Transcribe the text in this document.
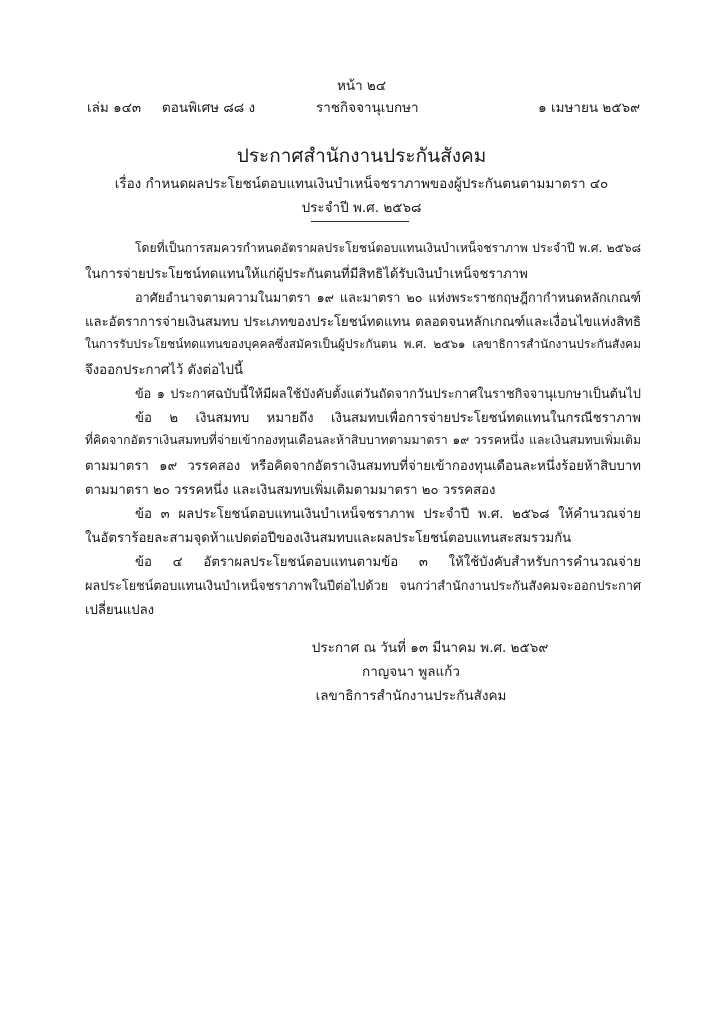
หน้า ๒๔
เล่ม ๑๔๓ ตอนพิเศษ ๘๘ ง	ราชกิจจานุเบกษา	๑ เมษายน ๒๕๖๙
ประกาศสำนักงานประกันสังคม
เรื่อง กำหนดผลประโยชน์ตอบแทนเงินบำเหน็จชราภาพของผู้ประกันตนตามมาตรา ๔๐
ประจำปี พ.ศ. ๒๕๖๘
โดยที่เป็นการสมควรกำหนดอัตราผลประโยชน์ตอบแทนเงินบำเหน็จชราภาพ ประจำปี พ.ศ. ๒๕๖๘
ในการจ่ายประโยชน์ทดแทนให้แก่ผู้ประกันตนที่มีสิทธิได้รับเงินบำเหน็จชราภาพ
อาศัยอำนาจตามความในมาตรา ๑๙ และมาตรา ๒๐ แห่งพระราชกฤษฎีกากำหนดหลักเกณฑ์
และอัตราการจ่ายเงินสมทบ ประเภทของประโยชน์ทดแทน ตลอดจนหลักเกณฑ์และเงื่อนไขแห่งสิทธิ
ในการรับประโยชน์ทดแทนของบุคคลซึ่งสมัครเป็นผู้ประกันตน พ.ศ. ๒๕๖๑ เลขาธิการสำนักงานประกันสังคม
จึงออกประกาศไว้ ดังต่อไปนี้
ข้อ ๑ ประกาศฉบับนี้ให้มีผลใช้บังคับตั้งแต่วันถัดจากวันประกาศในราชกิจจานุเบกษาเป็นต้นไป
ข้อ ๒ เงินสมทบ หมายถึง เงินสมทบเพื่อการจ่ายประโยชน์ทดแทนในกรณีชราภาพ
ที่คิดจากอัตราเงินสมทบที่จ่ายเข้ากองทุนเดือนละห้าสิบบาทตามมาตรา ๑๙ วรรคหนึ่ง และเงินสมทบเพิ่มเติม
ตามมาตรา ๑๙ วรรคสอง หรือคิดจากอัตราเงินสมทบที่จ่ายเข้ากองทุนเดือนละหนึ่งร้อยห้าสิบบาท
ตามมาตรา ๒๐ วรรคหนึ่ง และเงินสมทบเพิ่มเติมตามมาตรา ๒๐ วรรคสอง
ข้อ ๓ ผลประโยชน์ตอบแทนเงินบำเหน็จชราภาพ ประจำปี พ.ศ. ๒๕๖๘ ให้คำนวณจ่าย
ในอัตราร้อยละสามจุดห้าแปดต่อปีของเงินสมทบและผลประโยชน์ตอบแทนสะสมรวมกัน
ข้อ ๔ อัตราผลประโยชน์ตอบแทนตามข้อ ๓ ให้ใช้บังคับสำหรับการคำนวณจ่าย
ผลประโยชน์ตอบแทนเงินบำเหน็จชราภาพในปีต่อไปด้วย จนกว่าสำนักงานประกันสังคมจะออกประกาศ
เปลี่ยนแปลง
ประกาศ ณ วันที่ ๑๓ มีนาคม พ.ศ. ๒๕๖๙
กาญจนา พูลแก้ว
เลขาธิการสำนักงานประกันสังคม
